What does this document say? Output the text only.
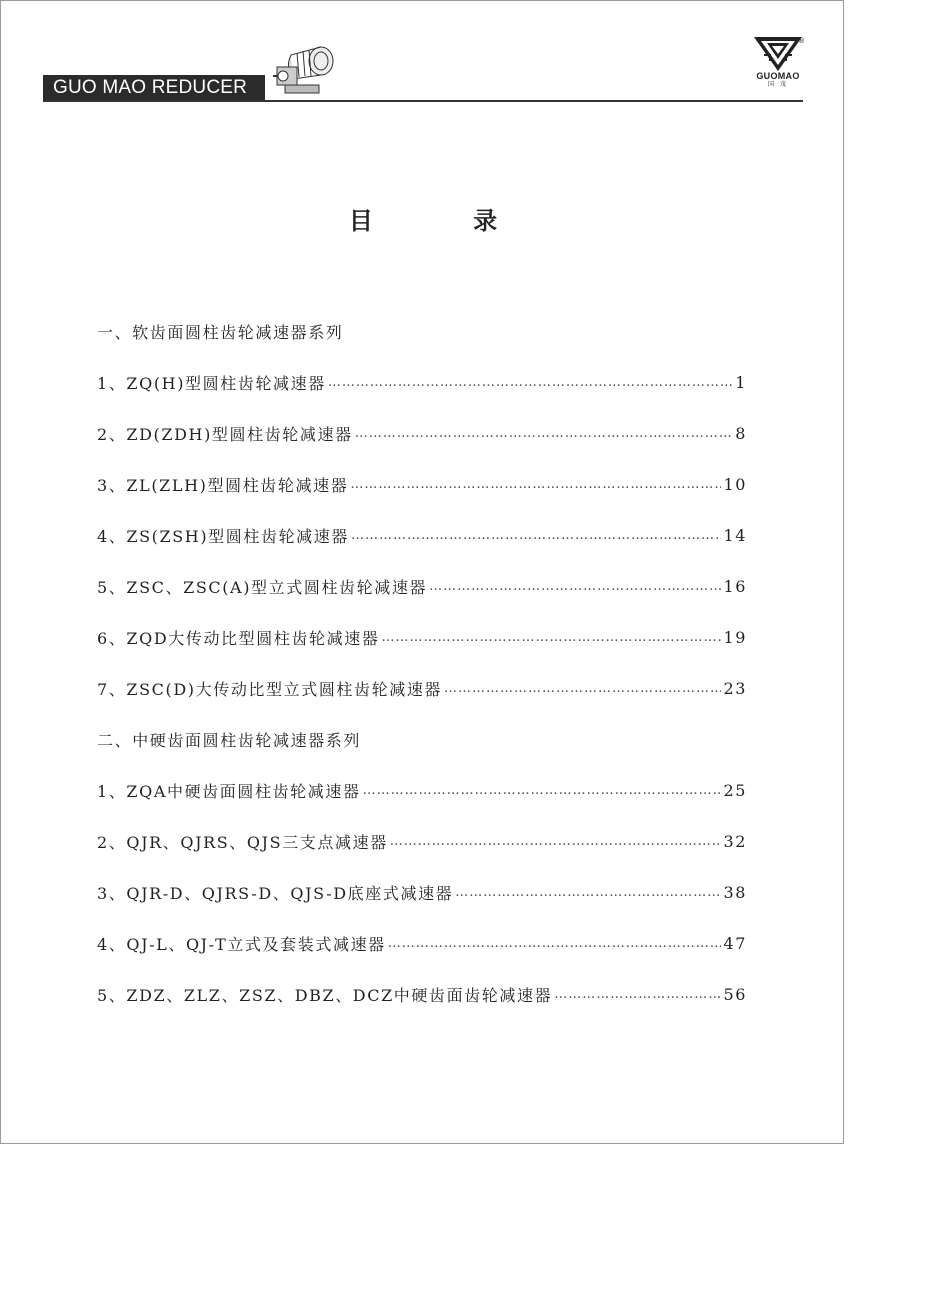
GUO MAO REDUCER
®
GUOMAO
国 茂
目 录
一、软齿面圆柱齿轮减速器系列
1、ZQ(H)型圆柱齿轮减速器 …………………………………………………………………………………………………………………………	1
2、ZD(ZDH)型圆柱齿轮减速器 …………………………………………………………………………………………………………………………	8
3、ZL(ZLH)型圆柱齿轮减速器 …………………………………………………………………………………………………………………………	10
4、ZS(ZSH)型圆柱齿轮减速器 …………………………………………………………………………………………………………………………	14
5、ZSC、ZSC(A)型立式圆柱齿轮减速器 …………………………………………………………………………………………………………………………	16
6、ZQD大传动比型圆柱齿轮减速器 …………………………………………………………………………………………………………………………	19
7、ZSC(D)大传动比型立式圆柱齿轮减速器 …………………………………………………………………………………………………………………………	23
二、中硬齿面圆柱齿轮减速器系列
1、ZQA中硬齿面圆柱齿轮减速器 …………………………………………………………………………………………………………………………	25
2、QJR、QJRS、QJS三支点减速器 …………………………………………………………………………………………………………………………	32
3、QJR-D、QJRS-D、QJS-D底座式减速器 …………………………………………………………………………………………………………………………	38
4、QJ-L、QJ-T立式及套装式减速器 …………………………………………………………………………………………………………………………	47
5、ZDZ、ZLZ、ZSZ、DBZ、DCZ中硬齿面齿轮减速器 …………………………………………………………………………………………………………………………	56
